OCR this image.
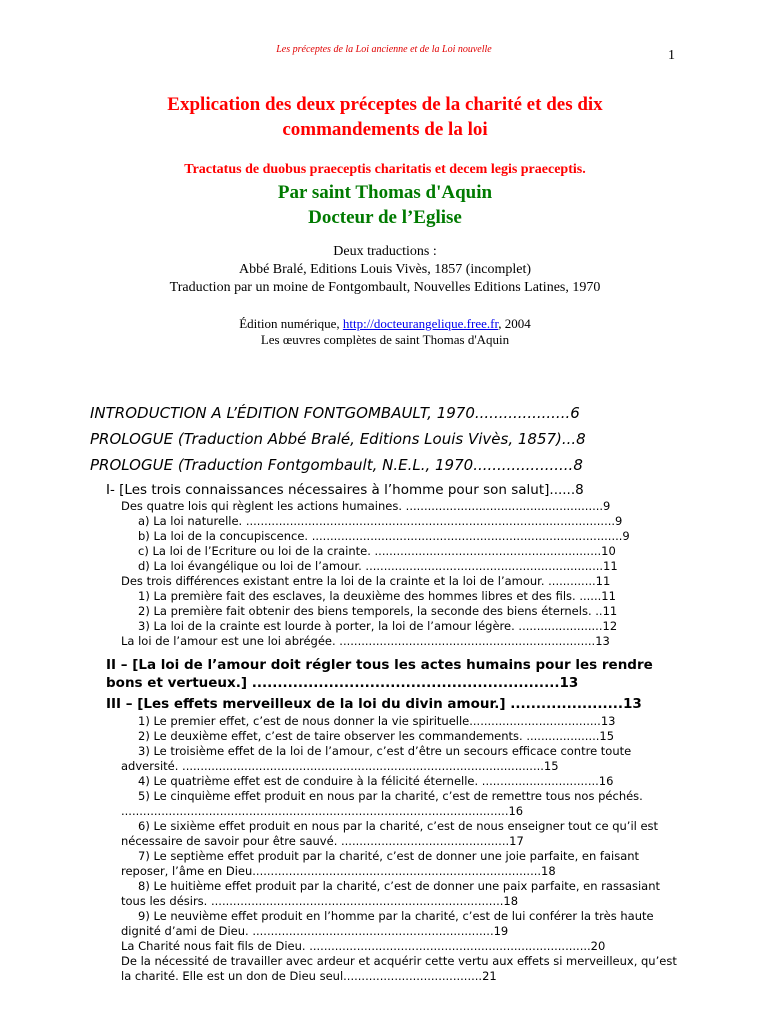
Les préceptes de la Loi ancienne et de la Loi nouvelle	1
Explication des deux préceptes de la charité et des dix commandements de la loi
Tractatus de duobus praeceptis charitatis et decem legis praeceptis.
Par saint Thomas d'Aquin
Docteur de l’Eglise
Deux traductions :
Abbé Bralé, Editions Louis Vivès, 1857 (incomplet)
Traduction par un moine de Fontgombault, Nouvelles Editions Latines, 1970
Édition numérique, http://docteurangelique.free.fr, 2004
Les œuvres complètes de saint Thomas d'Aquin
INTRODUCTION A L’ÉDITION FONTGOMBAULT, 1970....................6
PROLOGUE (Traduction Abbé Bralé, Editions Louis Vivès, 1857)...8
PROLOGUE (Traduction Fontgombault, N.E.L., 1970.....................8
I- [Les trois connaissances nécessaires à l’homme pour son salut]......8
Des quatre lois qui règlent les actions humaines. ......................................................9
a) La loi naturelle. .....................................................................................................9
b) La loi de la concupiscence. .....................................................................................9
c) La loi de l’Ecriture ou loi de la crainte. ..............................................................10
d) La loi évangélique ou loi de l’amour. .................................................................11
Des trois différences existant entre la loi de la crainte et la loi de l’amour. .............11
1) La première fait des esclaves, la deuxième des hommes libres et des fils. ......11
2) La première fait obtenir des biens temporels, la seconde des biens éternels. ..11
3) La loi de la crainte est lourde à porter, la loi de l’amour légère. .......................12
La loi de l’amour est une loi abrégée. ......................................................................13
II – [La loi de l’amour doit régler tous les actes humains pour les rendre bons et vertueux.] ............................................................13
III – [Les effets merveilleux de la loi du divin amour.] ......................13
1) Le premier effet, c’est de nous donner la vie spirituelle....................................13
2) Le deuxième effet, c’est de taire observer les commandements. ....................15
3) Le troisième effet de la loi de l’amour, c’est d’être un secours efficace contre toute adversité. ...................................................................................................15
4) Le quatrième effet est de conduire à la félicité éternelle. ................................16
5) Le cinquième effet produit en nous par la charité, c’est de remettre tous nos péchés. ..........................................................................................................16
6) Le sixième effet produit en nous par la charité, c’est de nous enseigner tout ce qu’il est nécessaire de savoir pour être sauvé. ..............................................17
7) Le septième effet produit par la charité, c’est de donner une joie parfaite, en faisant reposer, l’âme en Dieu...............................................................................18
8) Le huitième effet produit par la charité, c’est de donner une paix parfaite, en rassasiant tous les désirs. ................................................................................18
9) Le neuvième effet produit en l’homme par la charité, c’est de lui conférer la très haute dignité d’ami de Dieu. ..................................................................19
La Charité nous fait fils de Dieu. .............................................................................20
De la nécessité de travailler avec ardeur et acquérir cette vertu aux effets si merveilleux, qu’est la charité. Elle est un don de Dieu seul......................................21
